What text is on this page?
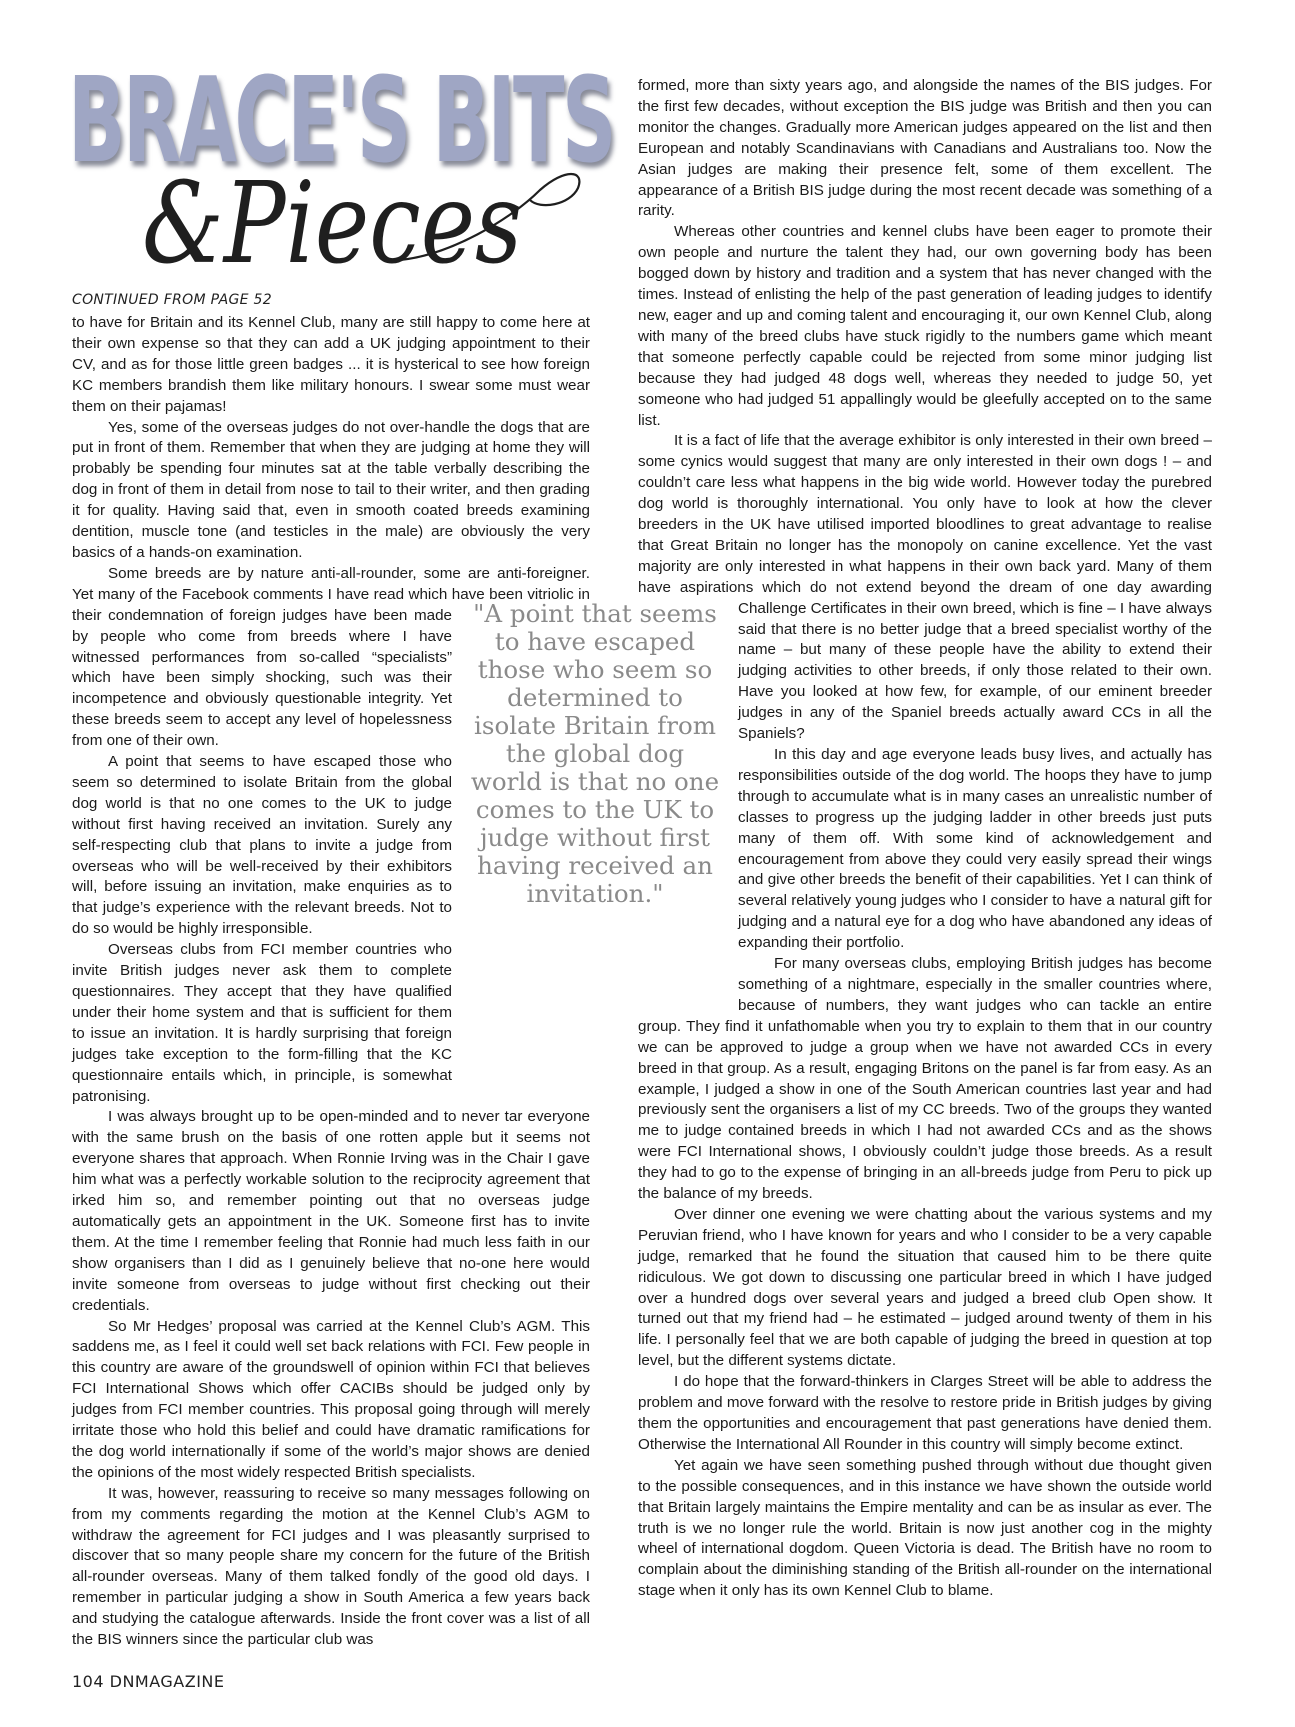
BRACE'S BITS
&Pieces

CONTINUED FROM PAGE 52

to have for Britain and its Kennel Club, many are still happy to come here at their own expense so that they can add a UK judging appointment to their CV, and as for those little green badges ... it is hysterical to see how foreign KC members brandish them like military honours. I swear some must wear them on their pajamas!

Yes, some of the overseas judges do not over-handle the dogs that are put in front of them. Remember that when they are judging at home they will probably be spending four minutes sat at the table verbally describing the dog in front of them in detail from nose to tail to their writer, and then grading it for quality. Having said that, even in smooth coated breeds examining dentition, muscle tone (and testicles in the male) are obviously the very basics of a hands-on examination.

Some breeds are by nature anti-all-rounder, some are anti-foreigner. Yet many of the Facebook comments I have read which have been vitriolic in their condemnation of foreign judges have been made by people who come from breeds where I have witnessed performances from so-called “specialists” which have been simply shocking, such was their incompetence and obviously questionable integrity. Yet these breeds seem to accept any level of hopelessness from one of their own.

A point that seems to have escaped those who seem so determined to isolate Britain from the global dog world is that no one comes to the UK to judge without first having received an invitation. Surely any self-respecting club that plans to invite a judge from overseas who will be well-received by their exhibitors will, before issuing an invitation, make enquiries as to that judge’s experience with the relevant breeds. Not to do so would be highly irresponsible.

Overseas clubs from FCI member countries who invite British judges never ask them to complete questionnaires. They accept that they have qualified under their home system and that is sufficient for them to issue an invitation. It is hardly surprising that foreign judges take exception to the form-filling that the KC questionnaire entails which, in principle, is somewhat patronising.

I was always brought up to be open-minded and to never tar everyone with the same brush on the basis of one rotten apple but it seems not everyone shares that approach. When Ronnie Irving was in the Chair I gave him what was a perfectly workable solution to the reciprocity agreement that irked him so, and remember pointing out that no overseas judge automatically gets an appointment in the UK. Someone first has to invite them. At the time I remember feeling that Ronnie had much less faith in our show organisers than I did as I genuinely believe that no-one here would invite someone from overseas to judge without first checking out their credentials.

So Mr Hedges’ proposal was carried at the Kennel Club’s AGM. This saddens me, as I feel it could well set back relations with FCI. Few people in this country are aware of the groundswell of opinion within FCI that believes FCI International Shows which offer CACIBs should be judged only by judges from FCI member countries. This proposal going through will merely irritate those who hold this belief and could have dramatic ramifications for the dog world internationally if some of the world’s major shows are denied the opinions of the most widely respected British specialists.

It was, however, reassuring to receive so many messages following on from my comments regarding the motion at the Kennel Club’s AGM to withdraw the agreement for FCI judges and I was pleasantly surprised to discover that so many people share my concern for the future of the British all-rounder overseas. Many of them talked fondly of the good old days. I remember in particular judging a show in South America a few years back and studying the catalogue afterwards. Inside the front cover was a list of all the BIS winners since the particular club was

formed, more than sixty years ago, and alongside the names of the BIS judges. For the first few decades, without exception the BIS judge was British and then you can monitor the changes. Gradually more American judges appeared on the list and then European and notably Scandinavians with Canadians and Australians too. Now the Asian judges are making their presence felt, some of them excellent. The appearance of a British BIS judge during the most recent decade was something of a rarity.

Whereas other countries and kennel clubs have been eager to promote their own people and nurture the talent they had, our own governing body has been bogged down by history and tradition and a system that has never changed with the times. Instead of enlisting the help of the past generation of leading judges to identify new, eager and up and coming talent and encouraging it, our own Kennel Club, along with many of the breed clubs have stuck rigidly to the numbers game which meant that someone perfectly capable could be rejected from some minor judging list because they had judged 48 dogs well, whereas they needed to judge 50, yet someone who had judged 51 appallingly would be gleefully accepted on to the same list.

It is a fact of life that the average exhibitor is only interested in their own breed – some cynics would suggest that many are only interested in their own dogs ! – and couldn’t care less what happens in the big wide world. However today the purebred dog world is thoroughly international. You only have to look at how the clever breeders in the UK have utilised imported bloodlines to great advantage to realise that Great Britain no longer has the monopoly on canine excellence. Yet the vast majority are only interested in what happens in their own back yard. Many of them have aspirations which do not extend beyond the dream of one day awarding Challenge Certificates in their own breed, which is fine – I have always said that there is no better judge that a breed specialist worthy of the name – but many of these people have the ability to extend their judging activities to other breeds, if only those related to their own. Have you looked at how few, for example, of our eminent breeder judges in any of the Spaniel breeds actually award CCs in all the Spaniels?

In this day and age everyone leads busy lives, and actually has responsibilities outside of the dog world. The hoops they have to jump through to accumulate what is in many cases an unrealistic number of classes to progress up the judging ladder in other breeds just puts many of them off. With some kind of acknowledgement and encouragement from above they could very easily spread their wings and give other breeds the benefit of their capabilities. Yet I can think of several relatively young judges who I consider to have a natural gift for judging and a natural eye for a dog who have abandoned any ideas of expanding their portfolio.

For many overseas clubs, employing British judges has become something of a nightmare, especially in the smaller countries where, because of numbers, they want judges who can tackle an entire group. They find it unfathomable when you try to explain to them that in our country we can be approved to judge a group when we have not awarded CCs in every breed in that group. As a result, engaging Britons on the panel is far from easy. As an example, I judged a show in one of the South American countries last year and had previously sent the organisers a list of my CC breeds. Two of the groups they wanted me to judge contained breeds in which I had not awarded CCs and as the shows were FCI International shows, I obviously couldn’t judge those breeds. As a result they had to go to the expense of bringing in an all-breeds judge from Peru to pick up the balance of my breeds.

Over dinner one evening we were chatting about the various systems and my Peruvian friend, who I have known for years and who I consider to be a very capable judge, remarked that he found the situation that caused him to be there quite ridiculous. We got down to discussing one particular breed in which I have judged over a hundred dogs over several years and judged a breed club Open show. It turned out that my friend had – he estimated – judged around twenty of them in his life. I personally feel that we are both capable of judging the breed in question at top level, but the different systems dictate.

I do hope that the forward-thinkers in Clarges Street will be able to address the problem and move forward with the resolve to restore pride in British judges by giving them the opportunities and encouragement that past generations have denied them. Otherwise the International All Rounder in this country will simply become extinct.

Yet again we have seen something pushed through without due thought given to the possible consequences, and in this instance we have shown the outside world that Britain largely maintains the Empire mentality and can be as insular as ever. The truth is we no longer rule the world. Britain is now just another cog in the mighty wheel of international dogdom. Queen Victoria is dead. The British have no room to complain about the diminishing standing of the British all-rounder on the international stage when it only has its own Kennel Club to blame.

"A point that seems to have escaped those who seem so determined to isolate Britain from the global dog world is that no one comes to the UK to judge without first having received an invitation."

104 DNMAGAZINE
